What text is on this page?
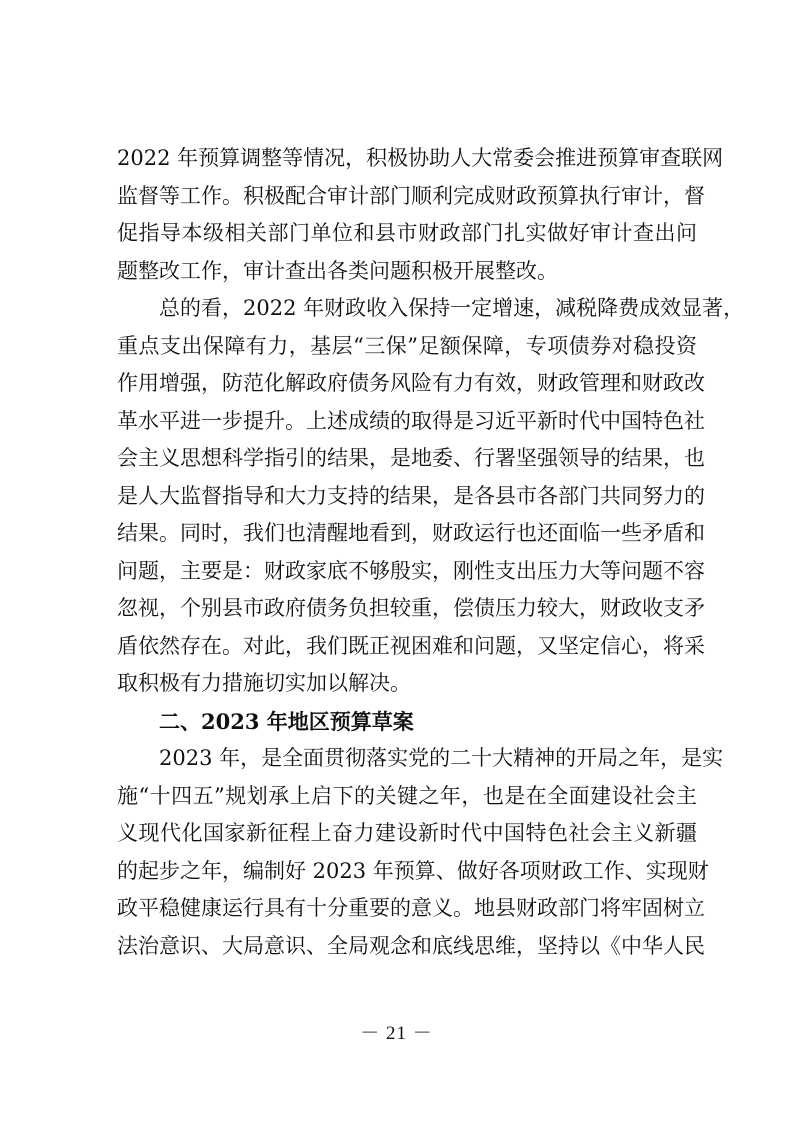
2022 年预算调整等情况，积极协助人大常委会推进预算审查联网
监督等工作。积极配合审计部门顺利完成财政预算执行审计，督
促指导本级相关部门单位和县市财政部门扎实做好审计查出问
题整改工作，审计查出各类问题积极开展整改。
总的看，2022 年财政收入保持一定增速，减税降费成效显著，
重点支出保障有力，基层“三保”足额保障，专项债券对稳投资
作用增强，防范化解政府债务风险有力有效，财政管理和财政改
革水平进一步提升。上述成绩的取得是习近平新时代中国特色社
会主义思想科学指引的结果，是地委、行署坚强领导的结果，也
是人大监督指导和大力支持的结果，是各县市各部门共同努力的
结果。同时，我们也清醒地看到，财政运行也还面临一些矛盾和
问题，主要是：财政家底不够殷实，刚性支出压力大等问题不容
忽视，个别县市政府债务负担较重，偿债压力较大，财政收支矛
盾依然存在。对此，我们既正视困难和问题，又坚定信心，将采
取积极有力措施切实加以解决。
二、2023 年地区预算草案
2023 年，是全面贯彻落实党的二十大精神的开局之年，是实
施“十四五”规划承上启下的关键之年，也是在全面建设社会主
义现代化国家新征程上奋力建设新时代中国特色社会主义新疆
的起步之年，编制好 2023 年预算、做好各项财政工作、实现财
政平稳健康运行具有十分重要的意义。地县财政部门将牢固树立
法治意识、大局意识、全局观念和底线思维，坚持以《中华人民
－ 21 －
